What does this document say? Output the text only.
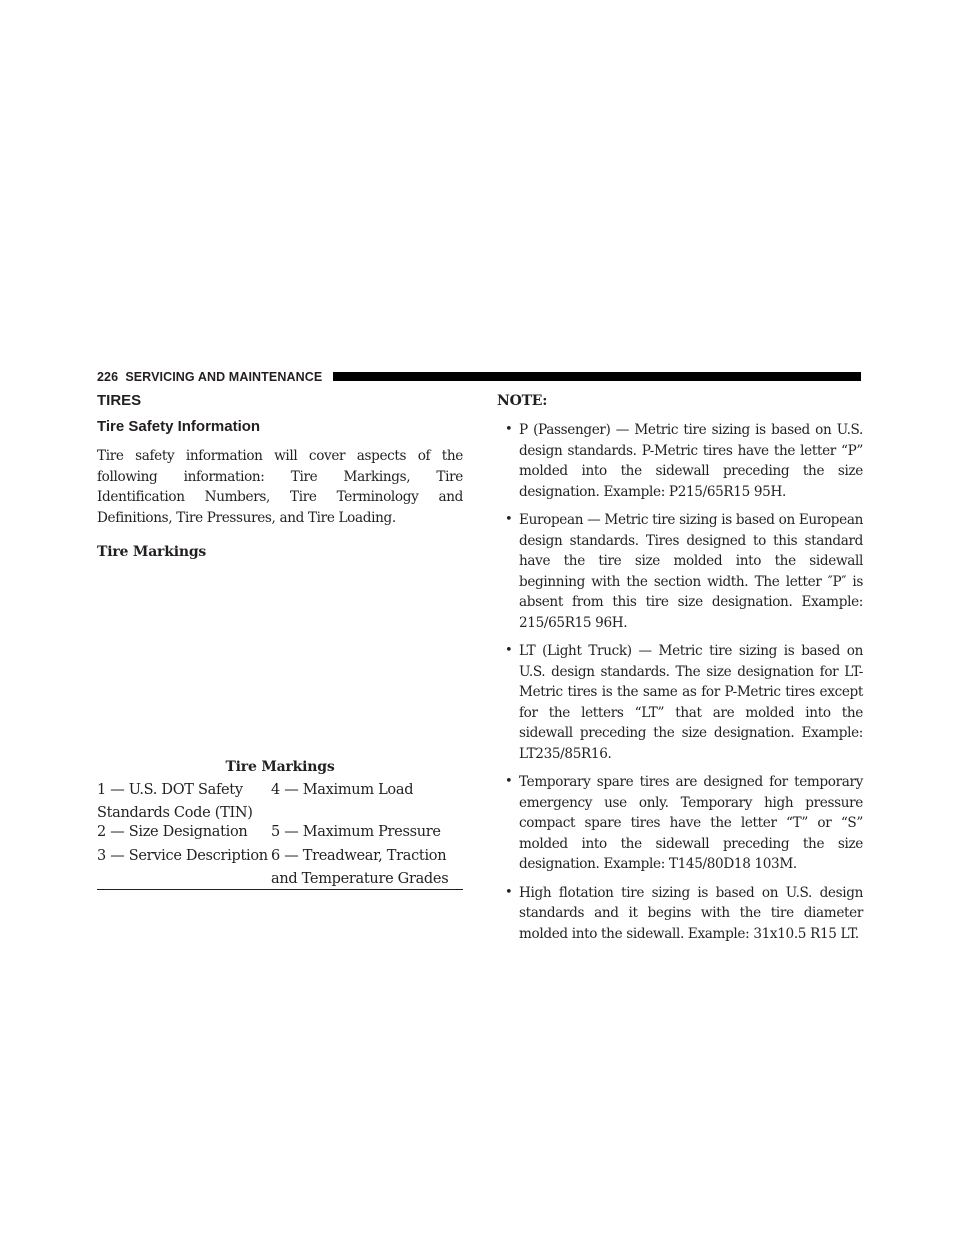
226 SERVICING AND MAINTENANCE
TIRES
Tire Safety Information

Tire safety information will cover aspects of the following information: Tire Markings, Tire Identification Numbers, Tire Terminology and Definitions, Tire Pressures, and Tire Loading.

Tire Markings

Tire Markings

1 — U.S. DOT Safety	4 — Maximum Load
Standards Code (TIN)
2 — Size Designation	5 — Maximum Pressure
3 — Service Description 6 — Treadwear, Traction
and Temperature Grades

NOTE:

• P (Passenger) — Metric tire sizing is based on U.S. design standards. P-Metric tires have the letter “P” molded into the sidewall preceding the size designation. Example: P215/65R15 95H.
• European — Metric tire sizing is based on European design standards. Tires designed to this standard have the tire size molded into the sidewall beginning with the section width. The letter ″P″ is absent from this tire size designation. Example: 215/65R15 96H.
• LT (Light Truck) — Metric tire sizing is based on U.S. design standards. The size designation for LT-Metric tires is the same as for P-Metric tires except for the letters “LT” that are molded into the sidewall preceding the size designation. Example: LT235/85R16.
• Temporary spare tires are designed for temporary emergency use only. Temporary high pressure compact spare tires have the letter “T” or “S” molded into the sidewall preceding the size designation. Example: T145/80D18 103M.
• High flotation tire sizing is based on U.S. design standards and it begins with the tire diameter molded into the sidewall. Example: 31x10.5 R15 LT.
